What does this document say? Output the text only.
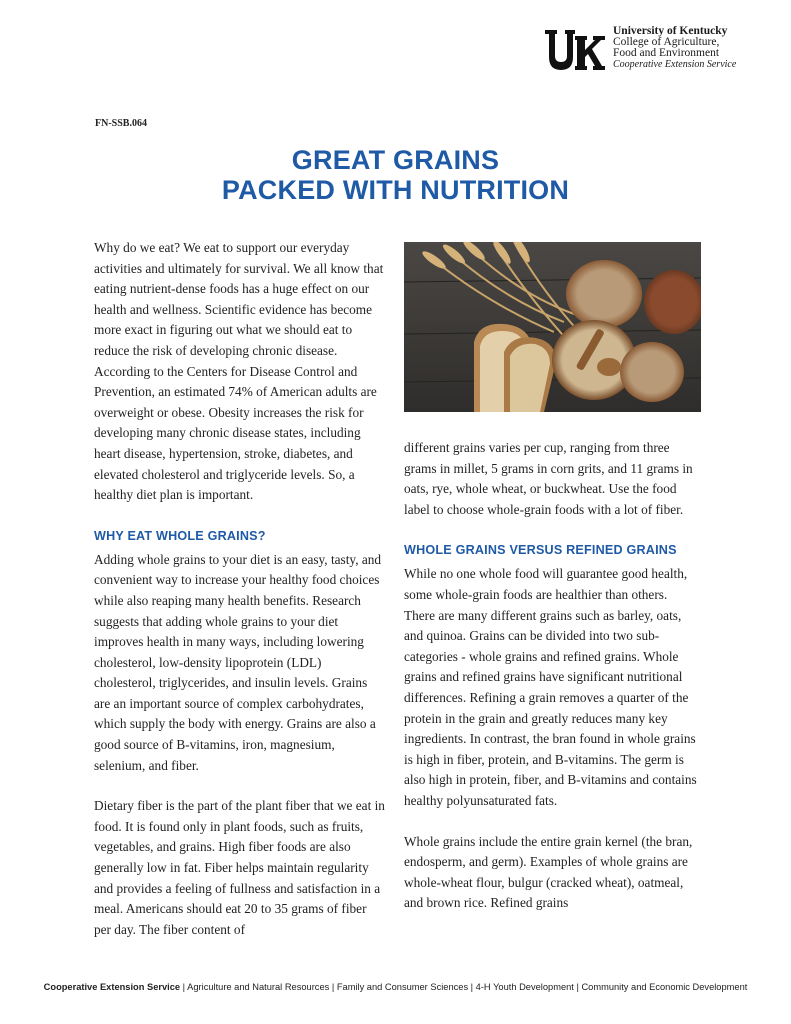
University of Kentucky
College of Agriculture,
Food and Environment
Cooperative Extension Service
FN-SSB.064
GREAT GRAINS
PACKED WITH NUTRITION

Why do we eat? We eat to support our everyday activities and ultimately for survival. We all know that eating nutrient-dense foods has a huge effect on our health and wellness. Scientific evidence has become more exact in figuring out what we should eat to reduce the risk of developing chronic disease. According to the Centers for Disease Control and Prevention, an estimated 74% of American adults are overweight or obese. Obesity increases the risk for developing many chronic disease states, including heart disease, hypertension, stroke, diabetes, and elevated cholesterol and triglyceride levels. So, a healthy diet plan is important.

WHY EAT WHOLE GRAINS?

Adding whole grains to your diet is an easy, tasty, and convenient way to increase your healthy food choices while also reaping many health benefits. Research suggests that adding whole grains to your diet improves health in many ways, including lowering cholesterol, low-density lipoprotein (LDL) cholesterol, triglycerides, and insulin levels. Grains are an important source of complex carbohydrates, which supply the body with energy. Grains are also a good source of B-vitamins, iron, magnesium, selenium, and fiber.

Dietary fiber is the part of the plant fiber that we eat in food. It is found only in plant foods, such as fruits, vegetables, and grains. High fiber foods are also generally low in fat. Fiber helps maintain regularity and provides a feeling of fullness and satisfaction in a meal. Americans should eat 20 to 35 grams of fiber per day. The fiber content of

different grains varies per cup, ranging from three grams in millet, 5 grams in corn grits, and 11 grams in oats, rye, whole wheat, or buckwheat. Use the food label to choose whole-grain foods with a lot of fiber.

WHOLE GRAINS VERSUS REFINED GRAINS

While no one whole food will guarantee good health, some whole-grain foods are healthier than others. There are many different grains such as barley, oats, and quinoa. Grains can be divided into two sub-categories - whole grains and refined grains. Whole grains and refined grains have significant nutritional differences. Refining a grain removes a quarter of the protein in the grain and greatly reduces many key ingredients. In contrast, the bran found in whole grains is high in fiber, protein, and B-vitamins. The germ is also high in protein, fiber, and B-vitamins and contains healthy polyunsaturated fats.

Whole grains include the entire grain kernel (the bran, endosperm, and germ). Examples of whole grains are whole-wheat flour, bulgur (cracked wheat), oatmeal, and brown rice. Refined grains

Cooperative Extension Service | Agriculture and Natural Resources | Family and Consumer Sciences | 4-H Youth Development | Community and Economic Development
